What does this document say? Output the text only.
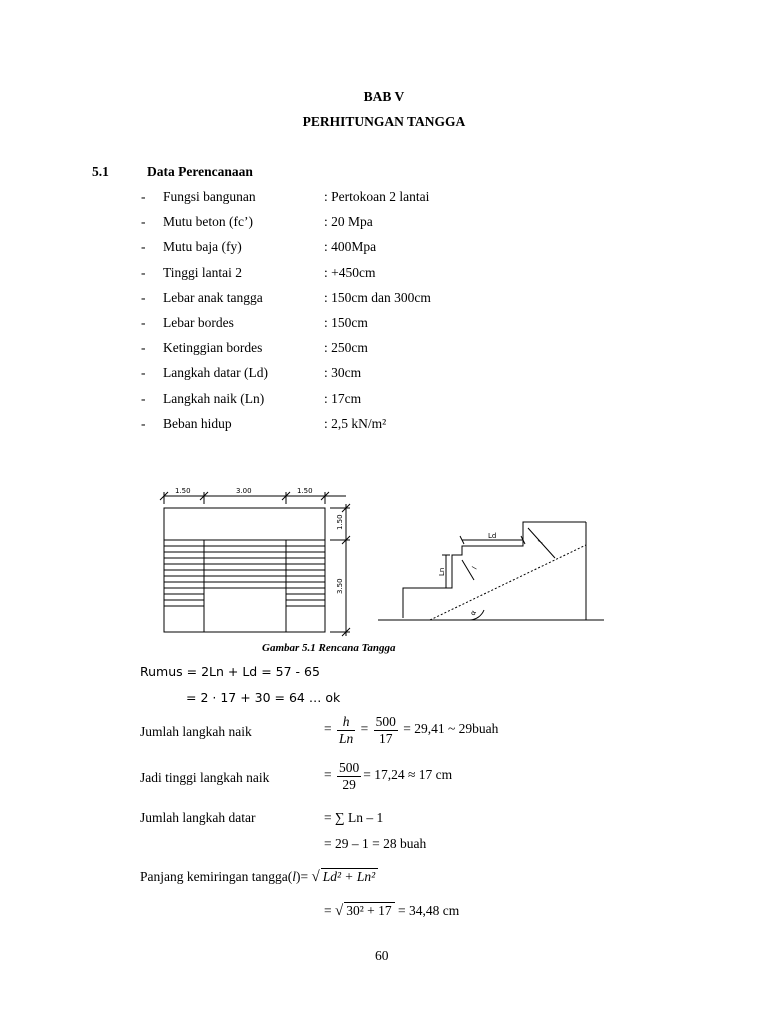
BAB V
PERHITUNGAN TANGGA
5.1	Data Perencanaan
- Fungsi bangunan	: Pertokoan 2 lantai
- Mutu beton (fc’)	: 20 Mpa
- Mutu baja (fy)	: 400Mpa
- Tinggi lantai 2	: +450cm
- Lebar anak tangga	: 150cm dan 300cm
- Lebar bordes	: 150cm
- Ketinggian bordes	: 250cm
- Langkah datar (Ld)	: 30cm
- Langkah naik (Ln)	: 17cm
- Beban hidup	: 2,5 kN/m²
1.50	3.00	1.50
1.50
3.50
Ld
Ln	l
l
α
Gambar 5.1 Rencana Tangga
Rumus = 2Ln + Ld = 57 - 65
= 2 · 17 + 30 = 64 … ok
Jumlah langkah naik	= $\frac{h}{Ln} = \frac{500}{17} = 29,41$ ~ 29buah
Jadi tinggi langkah naik	= $\frac{500}{29} = 17,24 \approx 17$ cm
Jumlah langkah datar	= ∑ Ln – 1
= 29 – 1 = 28 buah
Panjang kemiringan tangga(l)= √ Ld² + Ln²
= √ 30² + 17 = 34,48 cm
60
